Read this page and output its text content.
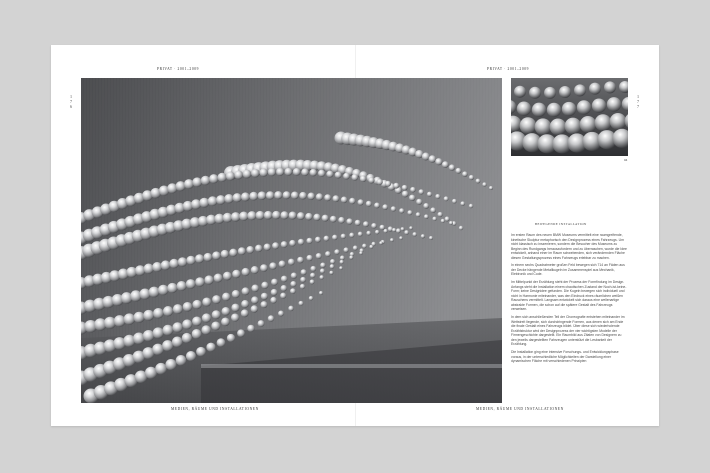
PRIVAT · 2001–2009	PRIVAT · 2001–2009
1
7
6
1
7
7
04
BEWEGENDE INSTALLATION

Im ersten Raum des neuen BMW Museums vermittelt eine raumgreifende, kinetische Skulptur metaphorisch den Designprozess eines Fahrzeugs. Um nicht klassisch zu inszenieren, sondern die Besucher des Museums zu Beginn des Rundgangs herauszufordern und zu überraschen, wurde die Idee entwickelt, anhand einer im Raum schwebenden, sich verändernden Fläche diesen Gestaltungsprozess eines Fahrzeugs erlebbar zu machen.

In einem sechs Quadratmeter großen Feld bewegen sich 714 an Fäden aus der Decke hängende Metallkugeln im Zusammenspiel aus Mechanik, Elektronik und Code.

Im Mittelpunkt der Erzählung steht der Prozess der Formfindung im Design. Anfangs steht die Installation einem chaotischen Zustand der Noch-ist-keine-Form; keine Designidee gefunden. Die Kugeln bewegen sich individuell und nicht in Harmonie miteinander, was den Eindruck eines räumlichen weißen Rauschens vermittelt. Langsam entwickelt sich daraus eine wellenartige abstrakte Formen, die schon auf die spätere Gestalt des Fahrzeugs verweisen.

In dem sich anschließenden Teil der Choreografie entstehen miteinander im Wettstreit liegende, sich durchdringende Formen, aus denen sich am Ende die finale Gestalt eines Fahrzeugs bildet. Über diese sich wiederholende Erzählstruktur wird der Designprozess der vier wichtigsten Modelle der Firmengeschichte dargestellt. Ein Raumbild aus Zitaten von Designern zu den jeweils dargestellten Fahrzeugen unterstützt die Lesbarkeit der Erzählung.

Die Installation ging eine intensive Forschungs- und Entwicklungsphase voraus, in der unterschiedliche Möglichkeiten der Darstellung einer dynamischen Fläche mit verschiedenen Prinzipien

MEDIEN, RÄUME UND INSTALLATIONEN	MEDIEN, RÄUME UND INSTALLATIONEN
